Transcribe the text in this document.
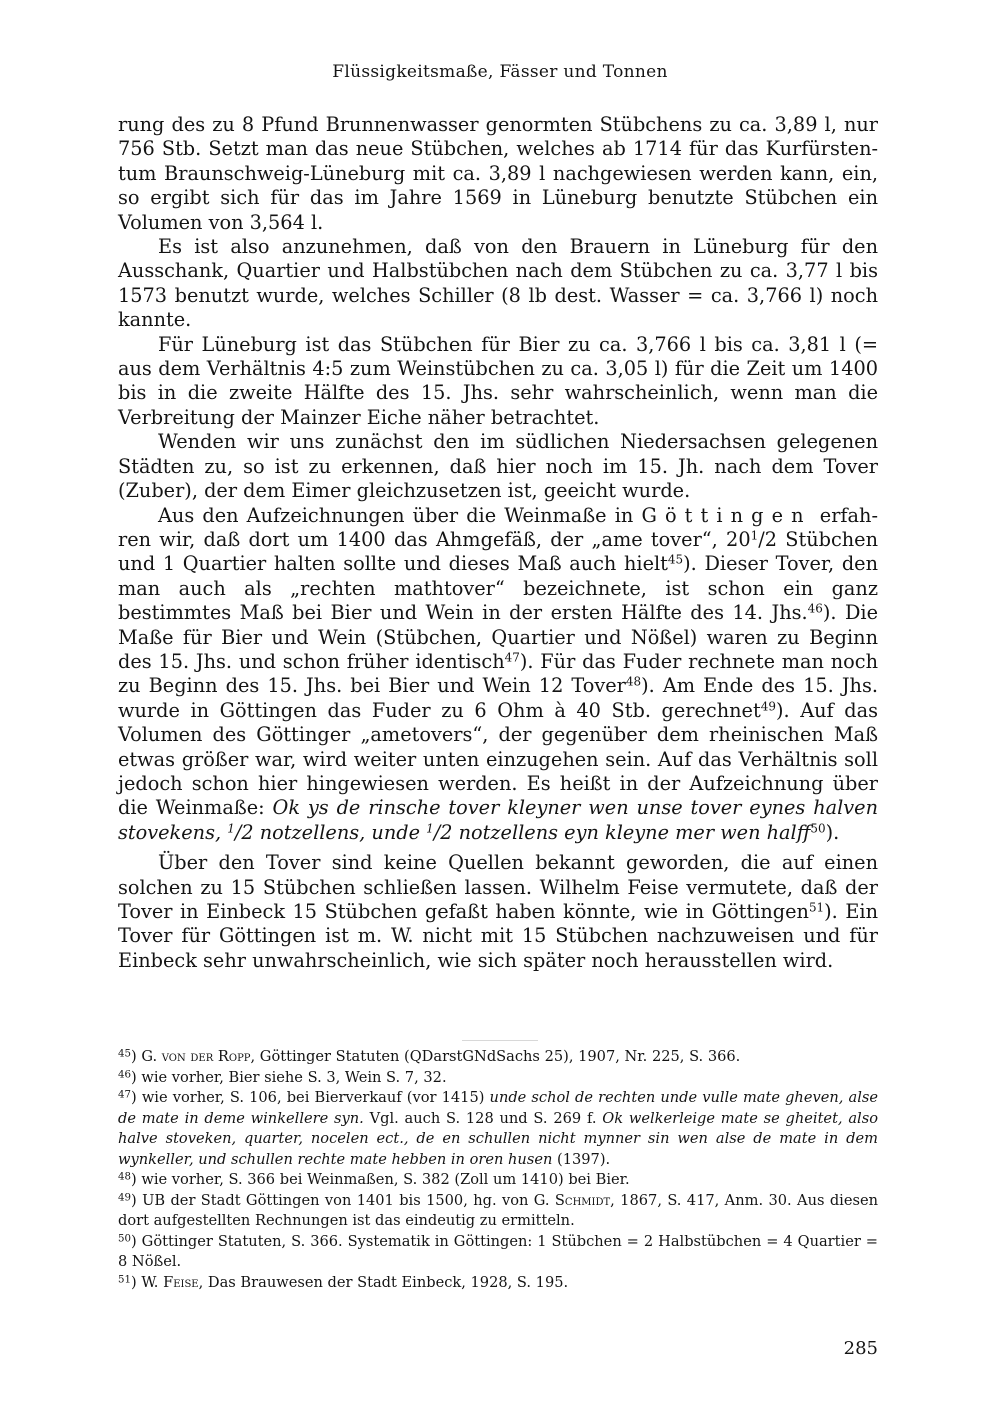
Flüssigkeitsmaße, Fässer und Tonnen

rung des zu 8 Pfund Brunnenwasser genormten Stübchens zu ca. 3,89 l, nur 756 Stb. Setzt man das neue Stübchen, welches ab 1714 für das Kurfürstentum Braunschweig-Lüneburg mit ca. 3,89 l nachgewiesen werden kann, ein, so ergibt sich für das im Jahre 1569 in Lüneburg benutzte Stübchen ein Volumen von 3,564 l.

Es ist also anzunehmen, daß von den Brauern in Lüneburg für den Ausschank, Quartier und Halbstübchen nach dem Stübchen zu ca. 3,77 l bis 1573 benutzt wurde, welches Schiller (8 lb dest. Wasser = ca. 3,766 l) noch kannte.

Für Lüneburg ist das Stübchen für Bier zu ca. 3,766 l bis ca. 3,81 l (= aus dem Verhältnis 4:5 zum Weinstübchen zu ca. 3,05 l) für die Zeit um 1400 bis in die zweite Hälfte des 15. Jhs. sehr wahrscheinlich, wenn man die Verbreitung der Mainzer Eiche näher betrachtet.

Wenden wir uns zunächst den im südlichen Niedersachsen gelegenen Städten zu, so ist zu erkennen, daß hier noch im 15. Jh. nach dem Tover (Zuber), der dem Eimer gleichzusetzen ist, geeicht wurde.

Aus den Aufzeichnungen über die Weinmaße in Göttingen erfahren wir, daß dort um 1400 das Ahmgefäß, der „ame tover“, $20^1/2$ Stübchen und 1 Quartier halten sollte und dieses Maß auch hielt$^{45}$). Dieser Tover, den man auch als „rechten mathtover“ bezeichnete, ist schon ein ganz bestimmtes Maß bei Bier und Wein in der ersten Hälfte des 14. Jhs.$^{46}$). Die Maße für Bier und Wein (Stübchen, Quartier und Nößel) waren zu Beginn des 15. Jhs. und schon früher identisch$^{47}$). Für das Fuder rechnete man noch zu Beginn des 15. Jhs. bei Bier und Wein 12 Tover$^{48}$). Am Ende des 15. Jhs. wurde in Göttingen das Fuder zu 6 Ohm à 40 Stb. gerechnet$^{49}$). Auf das Volumen des Göttinger „ametovers“, der gegenüber dem rheinischen Maß etwas größer war, wird weiter unten einzugehen sein. Auf das Verhältnis soll jedoch schon hier hingewiesen werden. Es heißt in der Aufzeichnung über die Weinmaße: Ok ys de rinsche tover kleyner wen unse tover eynes halven stovekens, $^1$/2 notzellens, unde $^1$/2 notzellens eyn kleyne mer wen halff$^{50}$).

Über den Tover sind keine Quellen bekannt geworden, die auf einen solchen zu 15 Stübchen schließen lassen. Wilhelm Feise vermutete, daß der Tover in Einbeck 15 Stübchen gefaßt haben könnte, wie in Göttingen$^{51}$). Ein Tover für Göttingen ist m. W. nicht mit 15 Stübchen nachzuweisen und für Einbeck sehr unwahrscheinlich, wie sich später noch herausstellen wird.

$^{45}$) G. von der Ropp, Göttinger Statuten (QDarstGNdSachs 25), 1907, Nr. 225, S. 366.

$^{46}$) wie vorher, Bier siehe S. 3, Wein S. 7, 32.

$^{47}$) wie vorher, S. 106, bei Bierverkauf (vor 1415) unde schol de rechten unde vulle mate gheven, alse de mate in deme winkellere syn. Vgl. auch S. 128 und S. 269 f. Ok welkerleige mate se gheitet, also halve stoveken, quarter, nocelen ect., de en schullen nicht mynner sin wen alse de mate in dem wynkeller, und schullen rechte mate hebben in oren husen (1397).

$^{48}$) wie vorher, S. 366 bei Weinmaßen, S. 382 (Zoll um 1410) bei Bier.

$^{49}$) UB der Stadt Göttingen von 1401 bis 1500, hg. von G. Schmidt, 1867, S. 417, Anm. 30. Aus diesen dort aufgestellten Rechnungen ist das eindeutig zu ermitteln.

$^{50}$) Göttinger Statuten, S. 366. Systematik in Göttingen: 1 Stübchen = 2 Halbstübchen = 4 Quartier = 8 Nößel.

$^{51}$) W. Feise, Das Brauwesen der Stadt Einbeck, 1928, S. 195.

285
